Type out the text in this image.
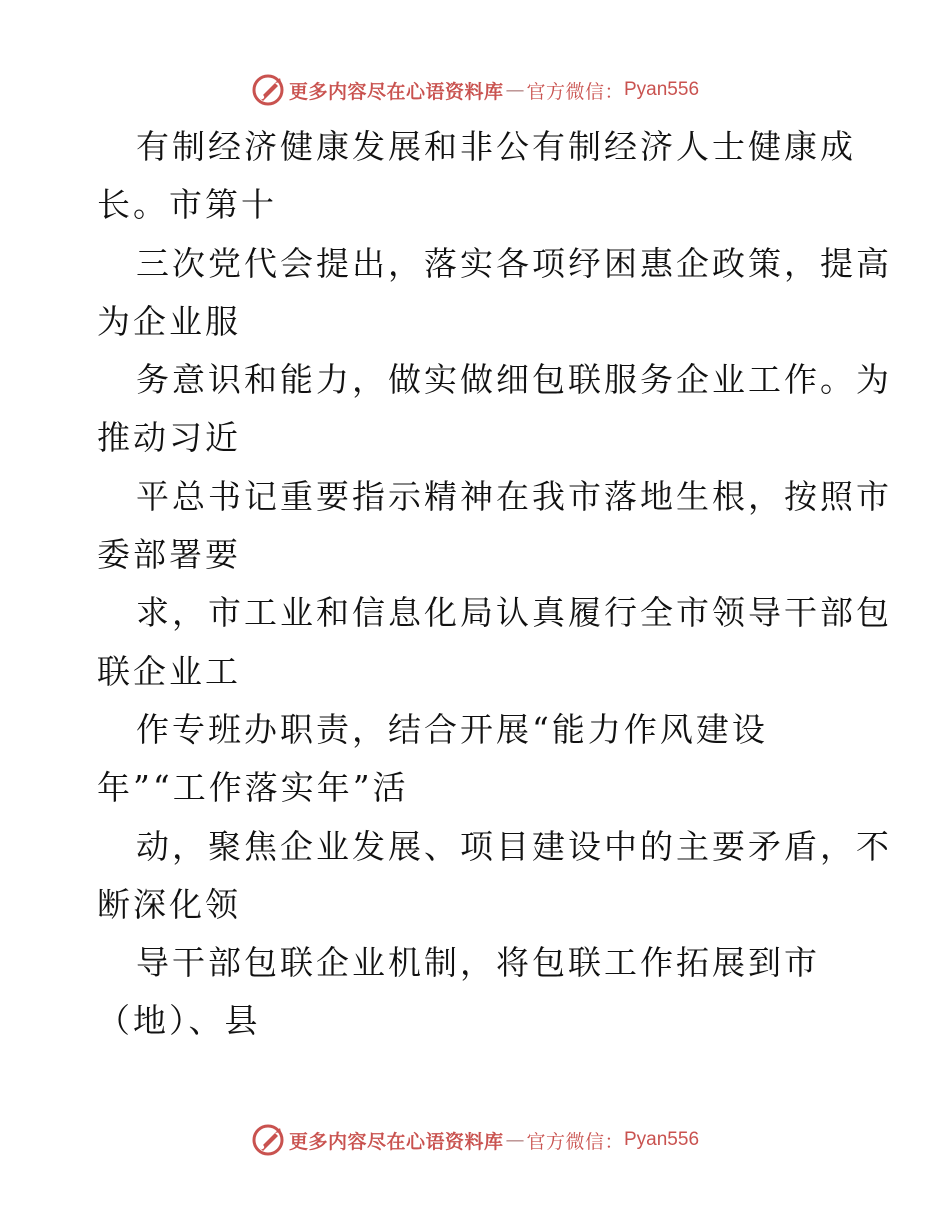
更多内容尽在心语资料库 — 官方微信： Pyan556
有制经济健康发展和非公有制经济人士健康成
长。市第十
三次党代会提出，落实各项纾困惠企政策，提高
为企业服
务意识和能力，做实做细包联服务企业工作。为
推动习近
平总书记重要指示精神在我市落地生根，按照市
委部署要
求，市工业和信息化局认真履行全市领导干部包
联企业工
作专班办职责，结合开展“能力作风建设
年”“工作落实年”活
动，聚焦企业发展、项目建设中的主要矛盾，不
断深化领
导干部包联企业机制，将包联工作拓展到市
（地）、县
更多内容尽在心语资料库 — 官方微信： Pyan556
